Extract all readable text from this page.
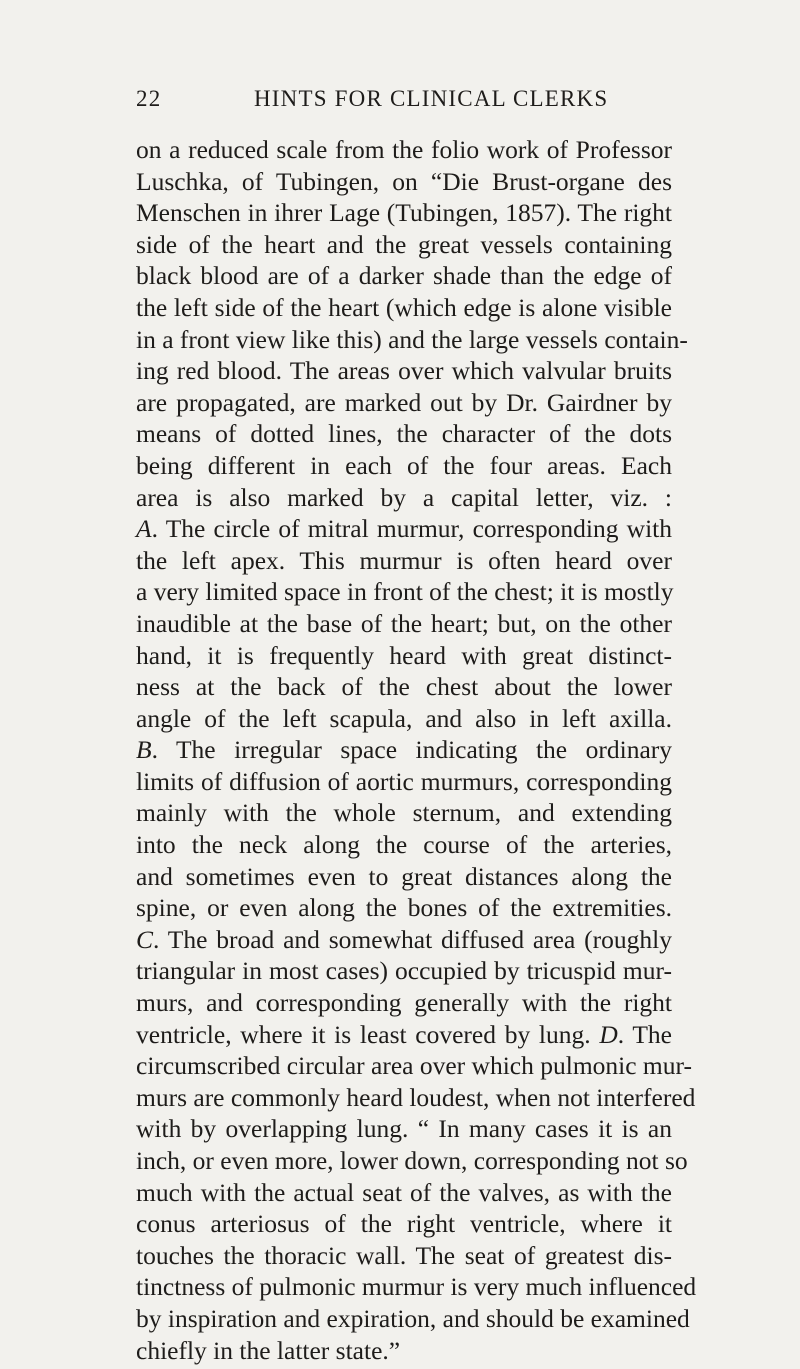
22	HINTS FOR CLINICAL CLERKS
on a reduced scale from the folio work of Professor
Luschka, of Tubingen, on “Die Brust-organe des
Menschen in ihrer Lage (Tubingen, 1857). The right
side of the heart and the great vessels containing
black blood are of a darker shade than the edge of
the left side of the heart (which edge is alone visible
in a front view like this) and the large vessels contain-
ing red blood. The areas over which valvular bruits
are propagated, are marked out by Dr. Gairdner by
means of dotted lines, the character of the dots
being different in each of the four areas. Each
area is also marked by a capital letter, viz. :
A. The circle of mitral murmur, corresponding with
the left apex. This murmur is often heard over
a very limited space in front of the chest; it is mostly
inaudible at the base of the heart; but, on the other
hand, it is frequently heard with great distinct-
ness at the back of the chest about the lower
angle of the left scapula, and also in left axilla.
B. The irregular space indicating the ordinary
limits of diffusion of aortic murmurs, corresponding
mainly with the whole sternum, and extending
into the neck along the course of the arteries,
and sometimes even to great distances along the
spine, or even along the bones of the extremities.
C. The broad and somewhat diffused area (roughly
triangular in most cases) occupied by tricuspid mur-
murs, and corresponding generally with the right
ventricle, where it is least covered by lung. D. The
circumscribed circular area over which pulmonic mur-
murs are commonly heard loudest, when not interfered
with by overlapping lung. “ In many cases it is an
inch, or even more, lower down, corresponding not so
much with the actual seat of the valves, as with the
conus arteriosus of the right ventricle, where it
touches the thoracic wall. The seat of greatest dis-
tinctness of pulmonic murmur is very much influenced
by inspiration and expiration, and should be examined
chiefly in the latter state.”
